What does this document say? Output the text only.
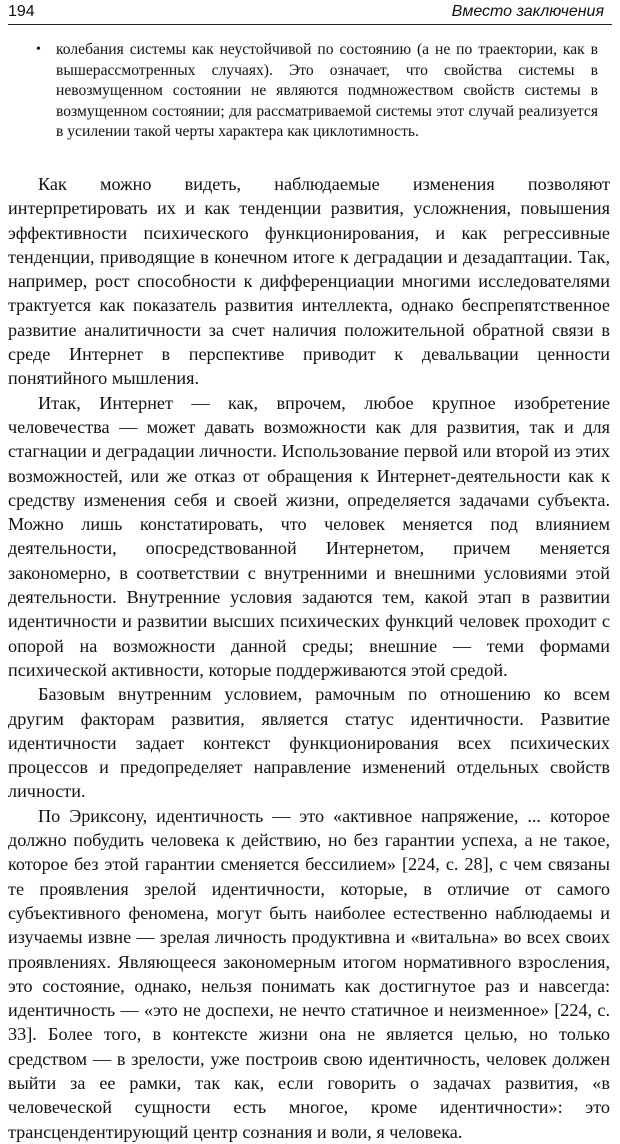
194	Вместо заключения
• колебания системы как неустойчивой по состоянию (а не по траектории, как в вышерассмотренных случаях). Это означает, что свойства системы в невозмущенном состоянии не являются подмножеством свойств системы в возмущенном состоянии; для рассматриваемой системы этот случай реализуется в усилении такой черты характера как циклотимность.

Как можно видеть, наблюдаемые изменения позволяют интерпретировать их и как тенденции развития, усложнения, повышения эффективности психического функционирования, и как регрессивные тенденции, приводящие в конечном итоге к деградации и дезадаптации. Так, например, рост способности к дифференциации многими исследователями трактуется как показатель развития интеллекта, однако беспрепятственное развитие аналитичности за счет наличия положительной обратной связи в среде Интернет в перспективе приводит к девальвации ценности понятийного мышления.

Итак, Интернет — как, впрочем, любое крупное изобретение человечества — может давать возможности как для развития, так и для стагнации и деградации личности. Использование первой или второй из этих возможностей, или же отказ от обращения к Интернет-деятельности как к средству изменения себя и своей жизни, определяется задачами субъекта. Можно лишь констатировать, что человек меняется под влиянием деятельности, опосредствованной Интернетом, причем меняется закономерно, в соответствии с внутренними и внешними условиями этой деятельности. Внутренние условия задаются тем, какой этап в развитии идентичности и развитии высших психических функций человек проходит с опорой на возможности данной среды; внешние — теми формами психической активности, которые поддерживаются этой средой.

Базовым внутренним условием, рамочным по отношению ко всем другим факторам развития, является статус идентичности. Развитие идентичности задает контекст функционирования всех психических процессов и предопределяет направление изменений отдельных свойств личности.

По Эриксону, идентичность — это «активное напряжение, ... которое должно побудить человека к действию, но без гарантии успеха, а не такое, которое без этой гарантии сменяется бессилием» [224, с. 28], с чем связаны те проявления зрелой идентичности, которые, в отличие от самого субъективного феномена, могут быть наиболее естественно наблюдаемы и изучаемы извне — зрелая личность продуктивна и «витальна» во всех своих проявлениях. Являющееся закономерным итогом нормативного взросления, это состояние, однако, нельзя понимать как достигнутое раз и навсегда: идентичность — «это не доспехи, не нечто статичное и неизменное» [224, с. 33]. Более того, в контексте жизни она не является целью, но только средством — в зрелости, уже построив свою идентичность, человек должен выйти за ее рамки, так как, если говорить о задачах развития, «в человеческой сущности есть многое, кроме идентичности»: это трансцендентирующий центр сознания и воли, я человека.
